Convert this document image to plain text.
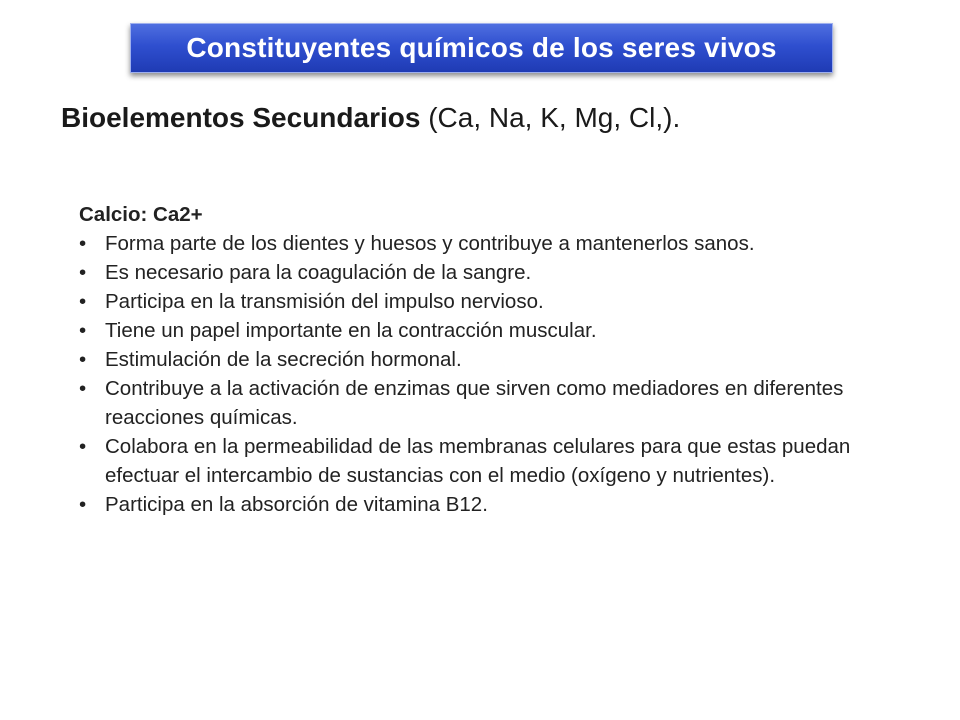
Constituyentes químicos de los seres vivos
Bioelementos Secundarios (Ca, Na, K, Mg, Cl,).

Calcio: Ca2+

• Forma parte de los dientes y huesos y contribuye a mantenerlos sanos.
• Es necesario para la coagulación de la sangre.
• Participa en la transmisión del impulso nervioso.
• Tiene un papel importante en la contracción muscular.
• Estimulación de la secreción hormonal.
• Contribuye a la activación de enzimas que sirven como mediadores en diferentes reacciones químicas.
• Colabora en la permeabilidad de las membranas celulares para que estas puedan efectuar el intercambio de sustancias con el medio (oxígeno y nutrientes).
• Participa en la absorción de vitamina B12.
